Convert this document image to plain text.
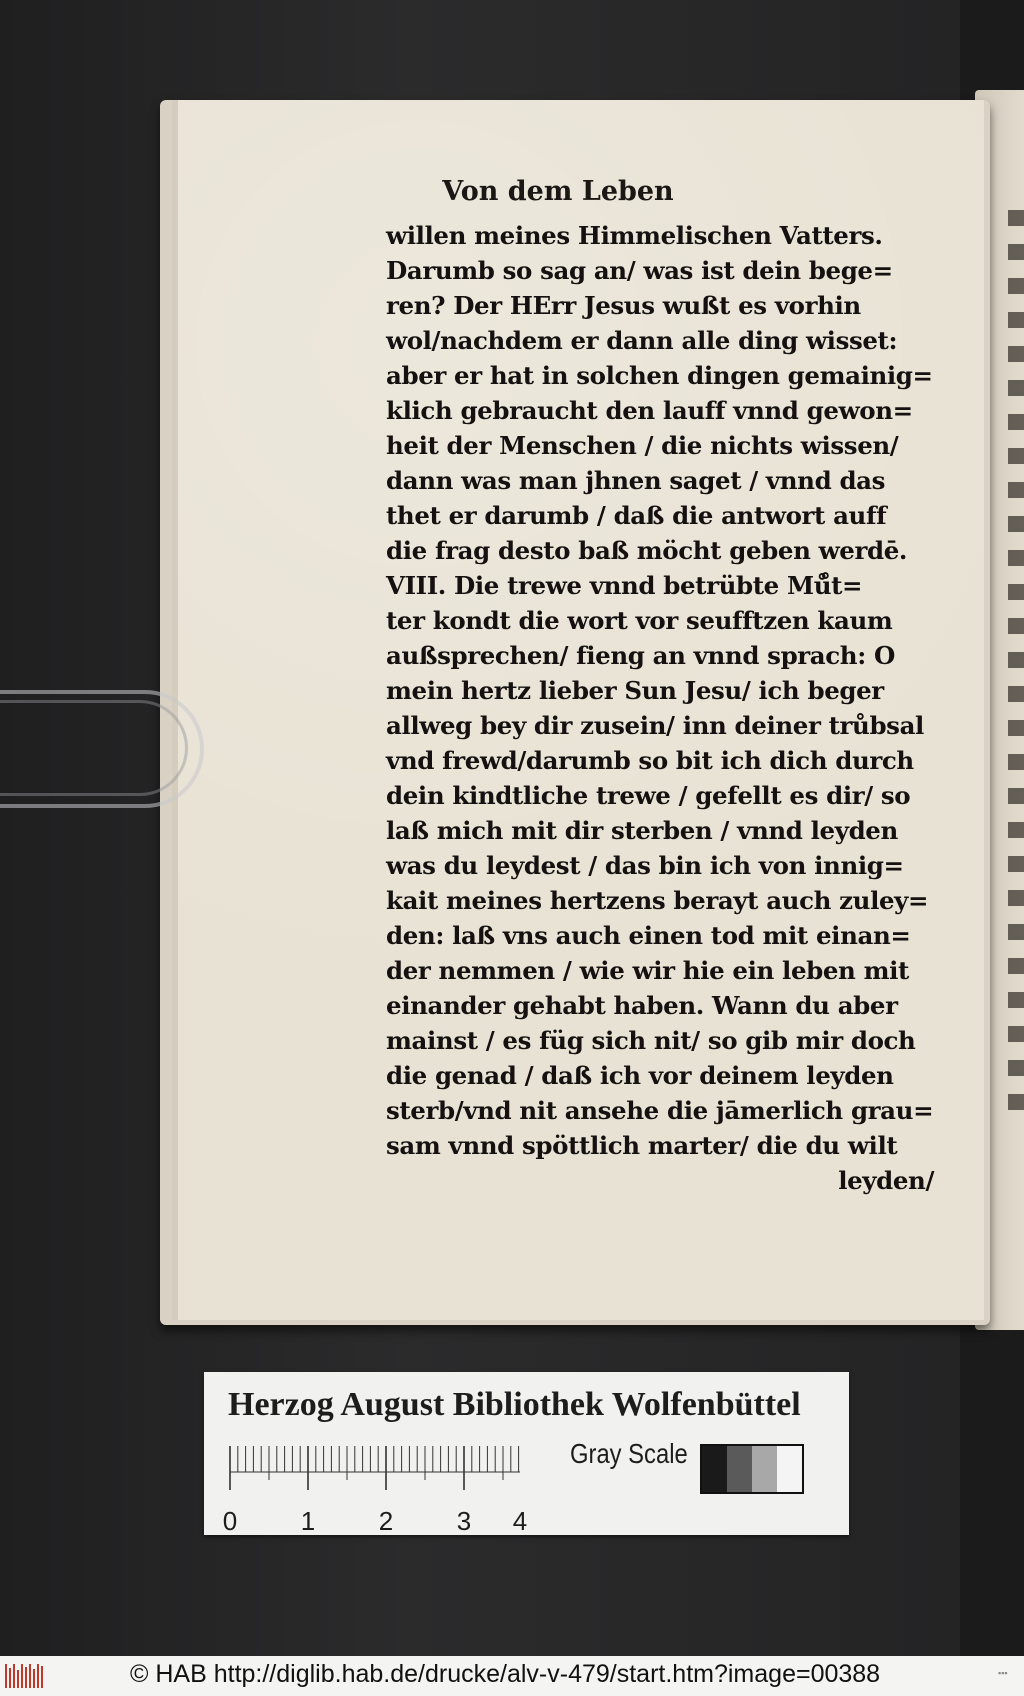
Von dem Leben
willen meines Himmelischen Vatters.
Darumb so sag an/ was ist dein bege=
ren? Der HErr Jesus wußt es vorhin
wol/nachdem er dann alle ding wisset:
aber er hat in solchen dingen gemainig=
klich gebraucht den lauff vnnd gewon=
heit der Menschen / die nichts wissen/
dann was man jhnen saget / vnnd das
thet er darumb / daß die antwort auff
die frag desto baß möcht geben werdē.
VIII. Die trewe vnnd betrübte Mů̊t=
ter kondt die wort vor seufftzen kaum
außsprechen/ fieng an vnnd sprach: O
mein hertz lieber Sun Jesu/ ich beger
allweg bey dir zusein/ inn deiner trůbsal
vnd frewd/darumb so bit ich dich durch
dein kindtliche trewe / gefellt es dir/ so
laß mich mit dir sterben / vnnd leyden
was du leydest / das bin ich von innig=
kait meines hertzens berayt auch zuley=
den: laß vns auch einen tod mit einan=
der nemmen / wie wir hie ein leben mit
einander gehabt haben. Wann du aber
mainst / es füg sich nit/ so gib mir doch
die genad / daß ich vor deinem leyden
sterb/vnd nit ansehe die jāmerlich grau=
sam vnnd spöttlich marter/ die du wilt
leyden/
Herzog August Bibliothek Wolfenbüttel
0 1 2 3 4
Gray Scale
© HAB http://diglib.hab.de/drucke/alv-v-479/start.htm?image=00388	▪▪▪
